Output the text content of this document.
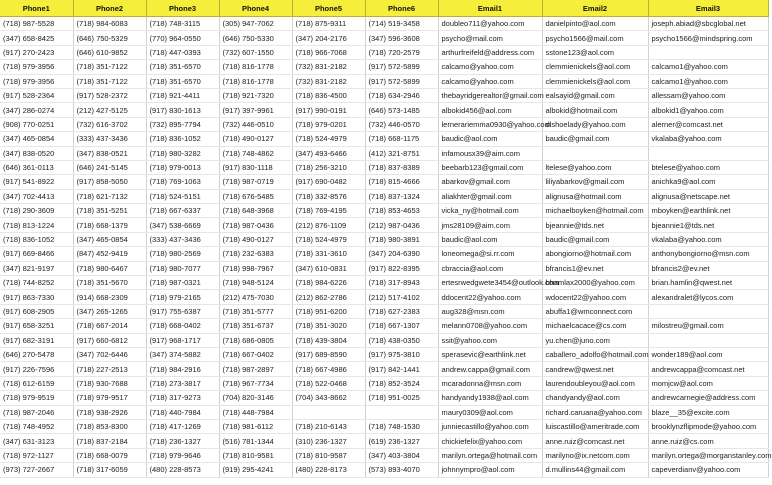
Phone1	Phone2	Phone3	Phone4	Phone5	Phone6	Email1	Email2	Email3
(718) 987-5528	(718) 984-6083	(718) 748-3115	(305) 947-7062	(718) 875-9311	(714) 519-3458	doubleo711@yahoo.com	danielpinto@aol.com	joseph.abiad@sbcglobal.net
(347) 658-8425	(646) 750-5329	(770) 964-0550	(646) 750-5330	(347) 204-2176	(347) 596-3608	psycho@mail.com	psycho1566@mail.com	psycho1566@mindspring.com
(917) 270-2423	(646) 610-9852	(718) 447-0393	(732) 607-1550	(718) 966-7068	(718) 720-2579	arthurfreifeld@address.com	sstone123@aol.com	
(718) 979-3956	(718) 351-7122	(718) 351-6570	(718) 816-1778	(732) 831-2182	(917) 572-5899	calcamo@yahoo.com	clemmienickels@aol.com	calcamo1@yahoo.com
(718) 979-3956	(718) 351-7122	(718) 351-6570	(718) 816-1778	(732) 831-2182	(917) 572-5899	calcamo@yahoo.com	clemmienickels@aol.com	calcamo1@yahoo.com
(917) 528-2364	(917) 528-2372	(718) 921-4411	(718) 921-7320	(718) 836-4500	(718) 634-2946	thebayridgerealtor@gmail.com	ealsayid@gmail.com	allessam@yahoo.com
(347) 286-0274	(212) 427-5125	(917) 830-1613	(917) 397-9961	(917) 990-0191	(646) 573-1485	albokid456@aol.com	albokid@hotmail.com	albokid1@yahoo.com
(908) 770-0251	(732) 616-3702	(732) 895-7794	(732) 446-0510	(718) 979-0201	(732) 446-0570	lernerariemma0930@yahoo.com	dlshoelady@yahoo.com	alerner@comcast.net
(347) 465-0854	(333) 437-3436	(718) 836-1052	(718) 490-0127	(718) 524-4979	(718) 668-1175	baudic@aol.com	baudic@gmail.com	vkalaba@yahoo.com
(347) 838-0520	(347) 838-0521	(718) 980-3282	(718) 748-4862	(347) 493-6466	(412) 321-8751	infamousx39@aim.com		
(646) 361-0113	(646) 241-5145	(718) 979-0013	(917) 830-1118	(718) 256-3210	(718) 837-8389	beebarb123@gmail.com	ltelese@yahoo.com	btelese@yahoo.com
(917) 541-8922	(917) 858-5050	(718) 769-1063	(718) 987-0719	(917) 690-0482	(718) 815-4666	abarkov@gmail.com	liliyabarkov@gmail.com	anichka9@aol.com
(347) 702-4413	(718) 621-7132	(718) 524-5151	(718) 676-5485	(718) 332-8576	(718) 837-1324	aliakhter@gmail.com	alignusa@hotmail.com	alignusa@netscape.net
(718) 290-3609	(718) 351-5251	(718) 667-6337	(718) 648-3968	(718) 769-4195	(718) 853-4653	vicka_ny@hotmail.com	michaelboyken@hotmail.com	mboyken@earthlink.net
(718) 813-1224	(718) 668-1379	(347) 538-6669	(718) 987-0436	(212) 876-1109	(212) 987-0436	jms28109@aim.com	bjeannie@tds.net	bjeannie1@tds.net
(718) 836-1052	(347) 465-0854	(333) 437-3436	(718) 490-0127	(718) 524-4979	(718) 980-3891	baudic@aol.com	baudic@gmail.com	vkalaba@yahoo.com
(917) 669-8466	(847) 452-9419	(718) 980-2569	(718) 232-6383	(718) 331-3610	(347) 204-6390	loneomega@si.rr.com	abongiorno@hotmail.com	anthonybongiorno@msn.com
(347) 821-9197	(718) 980-6467	(718) 980-7077	(718) 998-7967	(347) 610-0831	(917) 822-8395	cbraccia@aol.com	bfrancis1@ev.net	bfrancis2@ev.net
(718) 744-8252	(718) 351-5670	(718) 987-0321	(718) 948-5124	(718) 984-6226	(718) 317-8943	ertesrwedgwete3454@outlook.com	bhamlax2000@yahoo.com	brian.hamlin@qwest.net
(917) 863-7330	(914) 668-2309	(718) 979-2165	(212) 475-7030	(212) 862-2786	(212) 517-4102	ddocent22@yahoo.com	wdocent22@yahoo.com	alexandralet@lycos.com
(917) 608-2905	(347) 265-1265	(917) 755-6387	(718) 351-5777	(718) 951-6200	(718) 627-2383	aug328@msn.com	abuffa1@wmconnect.com	
(917) 658-3251	(718) 667-2014	(718) 668-0402	(718) 351-6737	(718) 351-3020	(718) 667-1307	melann0708@yahoo.com	michaelcacace@cs.com	milostreu@gmail.com
(917) 682-3191	(917) 660-6812	(917) 968-1717	(718) 686-0805	(718) 439-3804	(718) 438-0350	ssit@yahoo.com	yu.chen@juno.com	
(646) 270-5478	(347) 702-6446	(347) 374-5882	(718) 667-0402	(917) 689-8590	(917) 975-3810	sperasevic@earthlink.net	caballero_adolfo@hotmail.com	wonder189@aol.com
(917) 226-7596	(718) 227-2513	(718) 984-2916	(718) 987-2897	(718) 667-4986	(917) 842-1441	andrew.cappa@gmail.com	candrew@qwest.net	andrewcappa@comcast.net
(718) 612-6159	(718) 930-7688	(718) 273-3817	(718) 967-7734	(718) 522-0468	(718) 852-3524	mcaradonna@msn.com	laurendoubleyou@aol.com	momjcw@aol.com
(718) 979-9519	(718) 979-9517	(718) 317-9273	(704) 820-3146	(704) 343-8662	(718) 951-0025	handyandy1938@aol.com	chandyandy@aol.com	andrewcarnegie@address.com
(718) 987-2046	(718) 938-2926	(718) 440-7984	(718) 448-7984			maury0309@aol.com	richard.caruana@yahoo.com	blaze__35@excite.com
(718) 748-4952	(718) 853-8300	(718) 417-1269	(718) 981-6112	(718) 210-6143	(718) 748-1530	junniecastillo@yahoo.com	luiscastillo@ameritrade.com	brooklynzflipmode@yahoo.com
(347) 631-3123	(718) 837-2184	(718) 236-1327	(516) 781-1344	(310) 236-1327	(619) 236-1327	chickiefelix@yahoo.com	anne.ruiz@comcast.net	anne.ruiz@cs.com
(718) 972-1127	(718) 668-0079	(718) 979-9646	(718) 810-9581	(718) 810-9587	(347) 403-3804	marilyn.ortega@hotmail.com	marilyno@ix.netcom.com	marilyn.ortega@morganstanley.com
(973) 727-2667	(718) 317-6059	(480) 228-8573	(919) 295-4241	(480) 228-8173	(573) 893-4070	johnnympro@aol.com	d.mullins44@gmail.com	capeverdianv@yahoo.com
